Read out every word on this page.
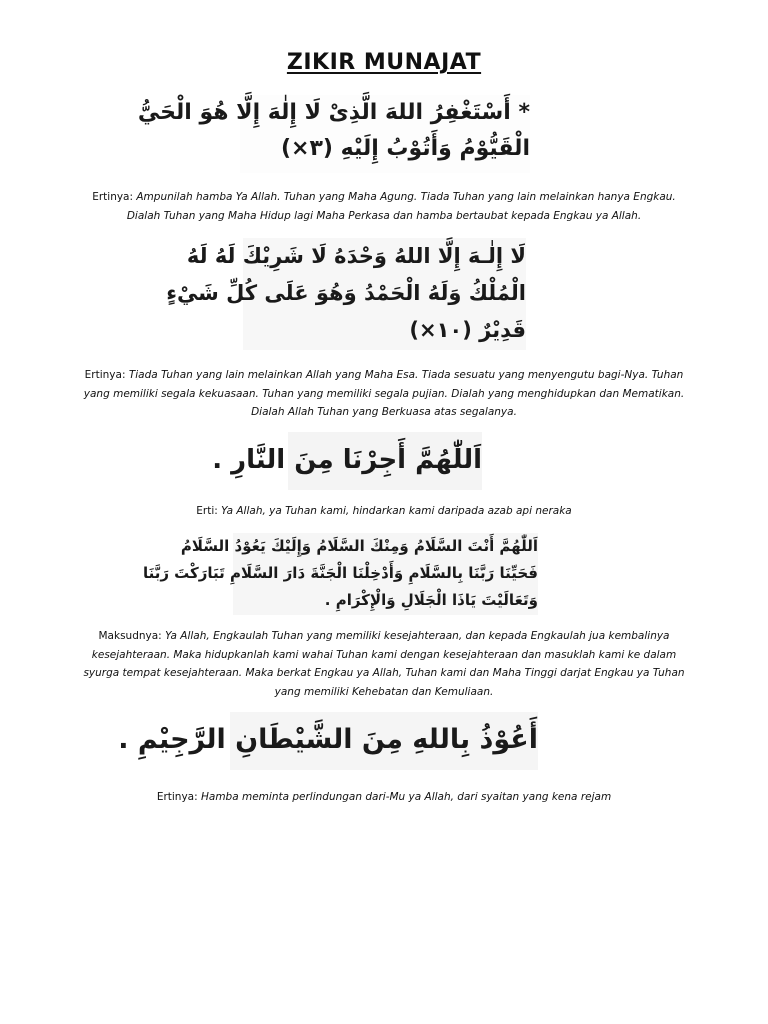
ZIKIR MUNAJAT
* أَسْتَغْفِرُ اللهَ الَّذِىْ لَا إِلٰهَ إِلَّا هُوَ الْحَيُّ
الْقَيُّوْمُ وَأَتُوْبُ إِلَيْهِ (٣×)
Ertinya: Ampunilah hamba Ya Allah. Tuhan yang Maha Agung. Tiada Tuhan yang lain melainkan hanya Engkau. Dialah Tuhan yang Maha Hidup lagi Maha Perkasa dan hamba bertaubat kepada Engkau ya Allah.
لَا إِلٰـهَ إِلَّا اللهُ وَحْدَهُ لَا شَرِيْكَ لَهُ لَهُ
الْمُلْكُ وَلَهُ الْحَمْدُ وَهُوَ عَلَى كُلِّ شَيْءٍ
قَدِيْرٌ (١٠×)
Ertinya: Tiada Tuhan yang lain melainkan Allah yang Maha Esa. Tiada sesuatu yang menyengutu bagi-Nya. Tuhan yang memiliki segala kekuasaan. Tuhan yang memiliki segala pujian. Dialah yang menghidupkan dan Mematikan. Dialah Allah Tuhan yang Berkuasa atas segalanya.
اَللّٰهُمَّ أَجِرْنَا مِنَ النَّارِ .
Erti: Ya Allah, ya Tuhan kami, hindarkan kami daripada azab api neraka
اَللّٰهُمَّ أَنْتَ السَّلَامُ وَمِنْكَ السَّلَامُ وَإِلَيْكَ يَعُوْدُ السَّلَامُ
فَحَيِّنَا رَبَّنَا بِالسَّلَامِ وَأَدْخِلْنَا الْجَنَّةَ دَارَ السَّلَامِ تَبَارَكْتَ رَبَّنَا
وَتَعَالَيْتَ يَاذَا الْجَلَالِ وَالْإِكْرَامِ .
Maksudnya: Ya Allah, Engkaulah Tuhan yang memiliki kesejahteraan, dan kepada Engkaulah jua kembalinya kesejahteraan. Maka hidupkanlah kami wahai Tuhan kami dengan kesejahteraan dan masuklah kami ke dalam syurga tempat kesejahteraan. Maka berkat Engkau ya Allah, Tuhan kami dan Maha Tinggi darjat Engkau ya Tuhan yang memiliki Kehebatan dan Kemuliaan.
أَعُوْذُ بِاللهِ مِنَ الشَّيْطَانِ الرَّجِيْمِ .
Ertinya: Hamba meminta perlindungan dari-Mu ya Allah, dari syaitan yang kena rejam
